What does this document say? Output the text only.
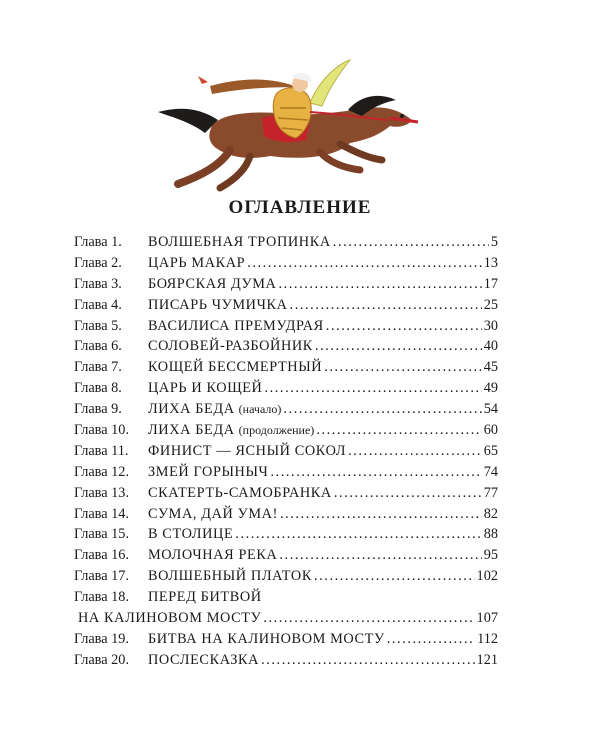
ОГЛАВЛЕНИЕ
Глава 1.	ВОЛШЕБНАЯ ТРОПИНКА . . .	5
Глава 2.	ЦАРЬ МАКАР . . .	13
Глава 3.	БОЯРСКАЯ ДУМА . . .	17
Глава 4.	ПИСАРЬ ЧУМИЧКА . . .	25
Глава 5.	ВАСИЛИСА ПРЕМУДРАЯ . . .	30
Глава 6.	СОЛОВЕЙ-РАЗБОЙНИК . . .	40
Глава 7.	КОЩЕЙ БЕССМЕРТНЫЙ . . .	45
Глава 8.	ЦАРЬ И КОЩЕЙ . . .	49
Глава 9.	ЛИХА БЕДА (начало) . . .	54
Глава 10.	ЛИХА БЕДА (продолжение) . . .	60
Глава 11.	ФИНИСТ — ЯСНЫЙ СОКОЛ . . .	65
Глава 12.	ЗМЕЙ ГОРЫНЫЧ . . .	74
Глава 13.	СКАТЕРТЬ-САМОБРАНКА . . .	77
Глава 14.	СУМА, ДАЙ УМА! . . .	82
Глава 15.	В СТОЛИЦЕ . . .	88
Глава 16.	МОЛОЧНАЯ РЕКА . . .	95
Глава 17.	ВОЛШЕБНЫЙ ПЛАТОК . . .	102
Глава 18.	ПЕРЕД БИТВОЙ
НА КАЛИНОВОМ МОСТУ . . .	107
Глава 19.	БИТВА НА КАЛИНОВОМ МОСТУ . . .	112
Глава 20.	ПОСЛЕСКАЗКА . . .	121
